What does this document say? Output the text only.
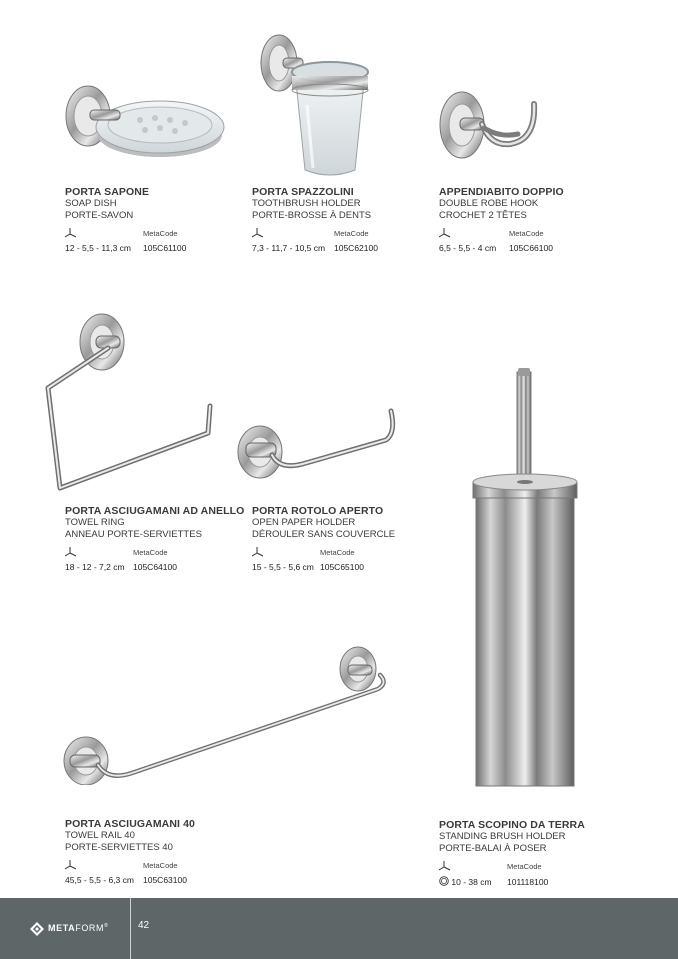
PORTA SAPONE
SOAP DISH
PORTE-SAVON
MetaCode
12 - 5,5 - 11,3 cm 105C61100
PORTA SPAZZOLINI
TOOTHBRUSH HOLDER
PORTE-BROSSE À DENTS
MetaCode
7,3 - 11,7 - 10,5 cm 105C62100
APPENDIABITO DOPPIO
DOUBLE ROBE HOOK
CROCHET 2 TÊTES
MetaCode
6,5 - 5,5 - 4 cm 105C66100
PORTA ASCIUGAMANI AD ANELLO
TOWEL RING
ANNEAU PORTE-SERVIETTES
MetaCode
18 - 12 - 7,2 cm 105C64100
PORTA ROTOLO APERTO
OPEN PAPER HOLDER
DÉROULER SANS COUVERCLE
MetaCode
15 - 5,5 - 5,6 cm 105C65100
PORTA ASCIUGAMANI 40
TOWEL RAIL 40
PORTE-SERVIETTES 40
MetaCode
45,5 - 5,5 - 6,3 cm 105C63100
PORTA SCOPINO DA TERRA
STANDING BRUSH HOLDER
PORTE-BALAI À POSER
MetaCode
10 - 38 cm 101118100
METAFORM®	42
